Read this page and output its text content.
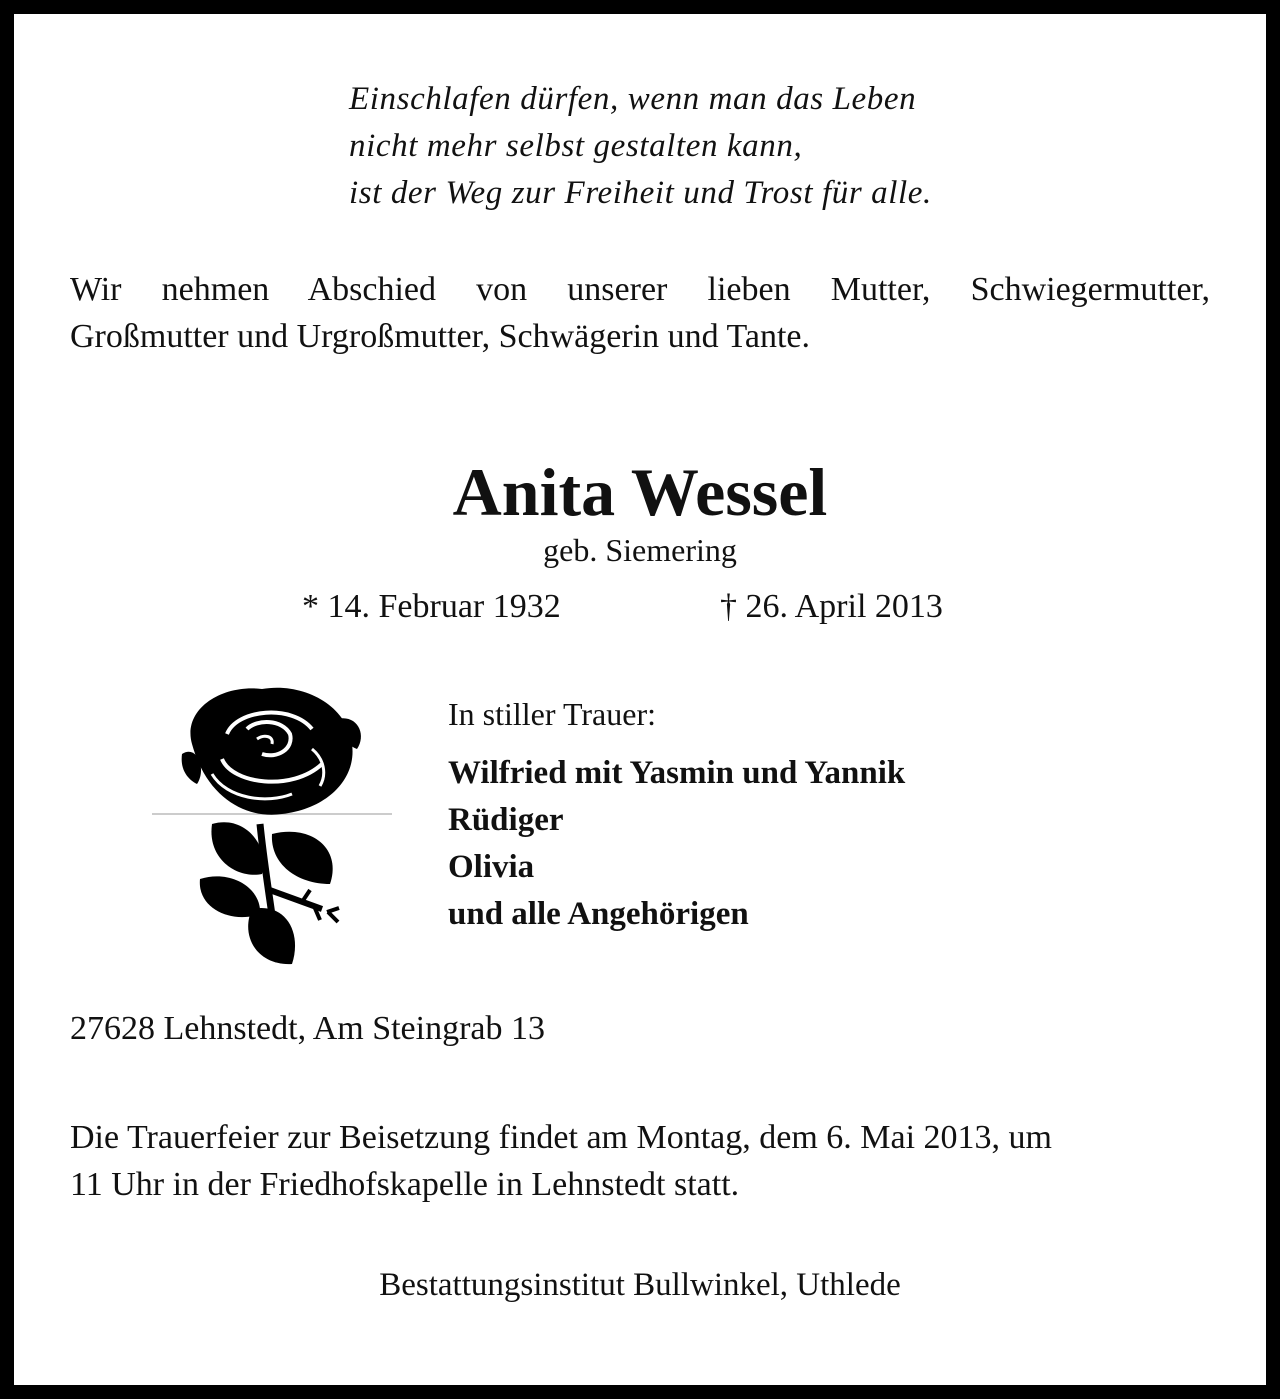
Einschlafen dürfen, wenn man das Leben
nicht mehr selbst gestalten kann,
ist der Weg zur Freiheit und Trost für alle.
Wir nehmen Abschied von unserer lieben Mutter, Schwiegermutter,
Großmutter und Urgroßmutter, Schwägerin und Tante.
Anita Wessel
geb. Siemering
* 14. Februar 1932	† 26. April 2013
In stiller Trauer:
Wilfried mit Yasmin und Yannik
Rüdiger
Olivia
und alle Angehörigen
27628 Lehnstedt, Am Steingrab 13
Die Trauerfeier zur Beisetzung findet am Montag, dem 6. Mai 2013, um
11 Uhr in der Friedhofskapelle in Lehnstedt statt.
Bestattungsinstitut Bullwinkel, Uthlede
